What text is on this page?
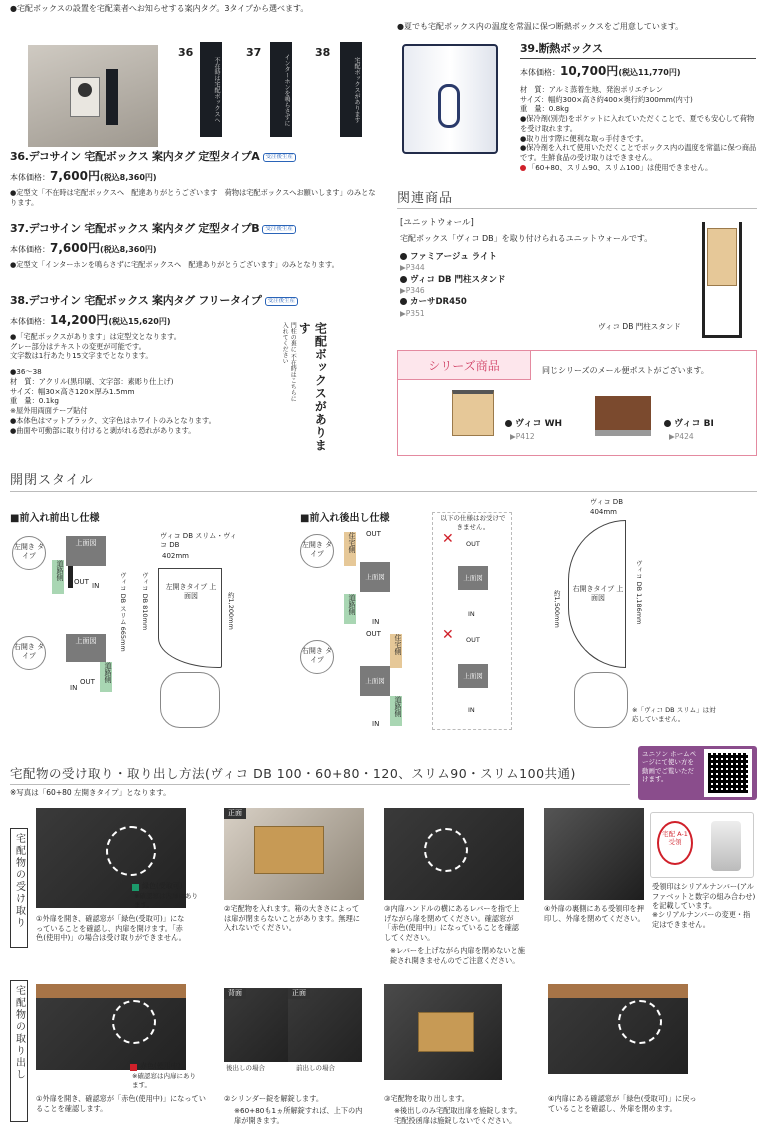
●宅配ボックスの設置を宅配業者へお知らせする案内タグ。3タイプから選べます。
36	37	38
不在時は宅配ボックスへ	インターホンを鳴らさずに	宅配ボックスがあります
36.デコサイン 宅配ボックス 案内タグ 定型タイプA 受注後生産
本体価格：7,600円(税込8,360円)
●定型文「不在時は宅配ボックスへ　配達ありがとうございます　荷物は宅配ボックスへお願いします」のみとなります。
37.デコサイン 宅配ボックス 案内タグ 定型タイプB 受注後生産
本体価格：7,600円(税込8,360円)
●定型文「インターホンを鳴らさずに宅配ボックスへ　配達ありがとうございます」のみとなります。
38.デコサイン 宅配ボックス 案内タグ フリータイプ 受注後生産
本体価格：14,200円(税込15,620円)
●「宅配ボックスがあります」は定型文となります。
グレー部分はテキストの変更が可能です。
文字数は1行あたり15文字までとなります。
●36〜38
材　質：アクリル(黒印刷、文字部：素彫り仕上げ)
サイズ：幅30×高さ120×厚み1.5mm
重　量：0.1kg
※屋外用両面テープ貼付
●本体色はマットブラック、文字色はホワイトのみとなります。
●曲面や可動部に取り付けると剥がれる恐れがあります。
門柱の裏に 不在時はこちらに入れてください	宅配ボックスがあります
●夏でも宅配ボックス内の温度を常温に保つ断熱ボックスをご用意しています。
39.断熱ボックス
本体価格：10,700円(税込11,770円)
材　質：アルミ蒸着生地、発泡ポリエチレン
サイズ：幅約300×高さ約400×奥行約300mm(内寸)
重　量：0.8kg
●保冷剤(別売)をポケットに入れていただくことで、夏でも安心して荷物を受け取れます。
●取り出す際に便利な取っ手付きです。
●保冷剤を入れて使用いただくことでボックス内の温度を常温に保つ商品です。生鮮食品の受け取りはできません。
「60+80、スリム90、スリム100」は使用できません。
関連商品
[ユニットウォール]
宅配ボックス「ヴィコ DB」を取り付けられるユニットウォールです。
ファミアージュ ライト
▶P344
ヴィコ DB 門柱スタンド
▶P346
カーサDR450
▶P351
ヴィコ DB 門柱スタンド
シリーズ商品	同じシリーズのメール便ポストがございます。
ヴィコ WH
▶P412
ヴィコ BI
▶P424
開閉スタイル
■前入れ前出し仕様	■前入れ後出し仕様
左開き タイプ
上面図
道路側
OUT IN
右開き タイプ
上面図
道路側
OUT
IN
ヴィコ DB スリム・ヴィコ DB
402mm
左開きタイプ 上面図
ヴィコ DB スリム 665mm ヴィコ DB 810mm	約1,200mm
左開き タイプ
住宅側 OUT
上面図
道路側
IN
右開き タイプ
OUT	住宅側
上面図
道路側
IN
以下の仕様はお受けできません。
✕
✕
OUT
上面図
IN
OUT
上面図
IN
ヴィコ DB
404mm
右開きタイプ 上面図	ヴィコ DB 1,186mm
約1,500mm
※「ヴィコ DB スリム」は対応していません。
宅配物の受け取り・取り出し方法(ヴィコ DB 100・60+80・120、スリム90・スリム100共通)
※写真は「60+80 左開きタイプ」となります。
ユニソン ホームページにて使い方を動画でご覧いただけます。
宅配物の受け取り
宅配物の取り出し
緑色(受取可)
※確認窓は内扉にあります。
正面
宅配 A-1 受領
①外扉を開き、確認窓が「緑色(受取可)」になっていることを確認し、内扉を開けます。「赤色(使用中)」の場合は受け取りができません。
②宅配物を入れます。箱の大きさによっては扉が閉まらないことがあります。無理に入れないでください。
③内扉ハンドルの横にあるレバーを指で上げながら扉を閉めてください。確認窓が「赤色(使用中)」になっていることを確認してください。
※レバーを上げながら内扉を閉めないと施錠され開きませんのでご注意ください。
④外扉の裏側にある受領印を押印し、外扉を閉めてください。
受領印はシリアルナンバー(アルファベットと数字の組み合わせ)を記載しています。
※シリアルナンバーの変更・指定はできません。
赤色(使用中)
※確認窓は内扉にあります。
背面	正面
後出しの場合	前出しの場合
①外扉を開き、確認窓が「赤色(使用中)」になっていることを確認します。
②シリンダー錠を解錠します。
※60+80も1ヵ所解錠すれば、上下の内扉が開きます。
③宅配物を取り出します。
※後出しのみ宅配取出扉を施錠します。宅配投函扉は施錠しないでください。
④内扉にある確認窓が「緑色(受取可)」に戻っていることを確認し、外扉を閉めます。
